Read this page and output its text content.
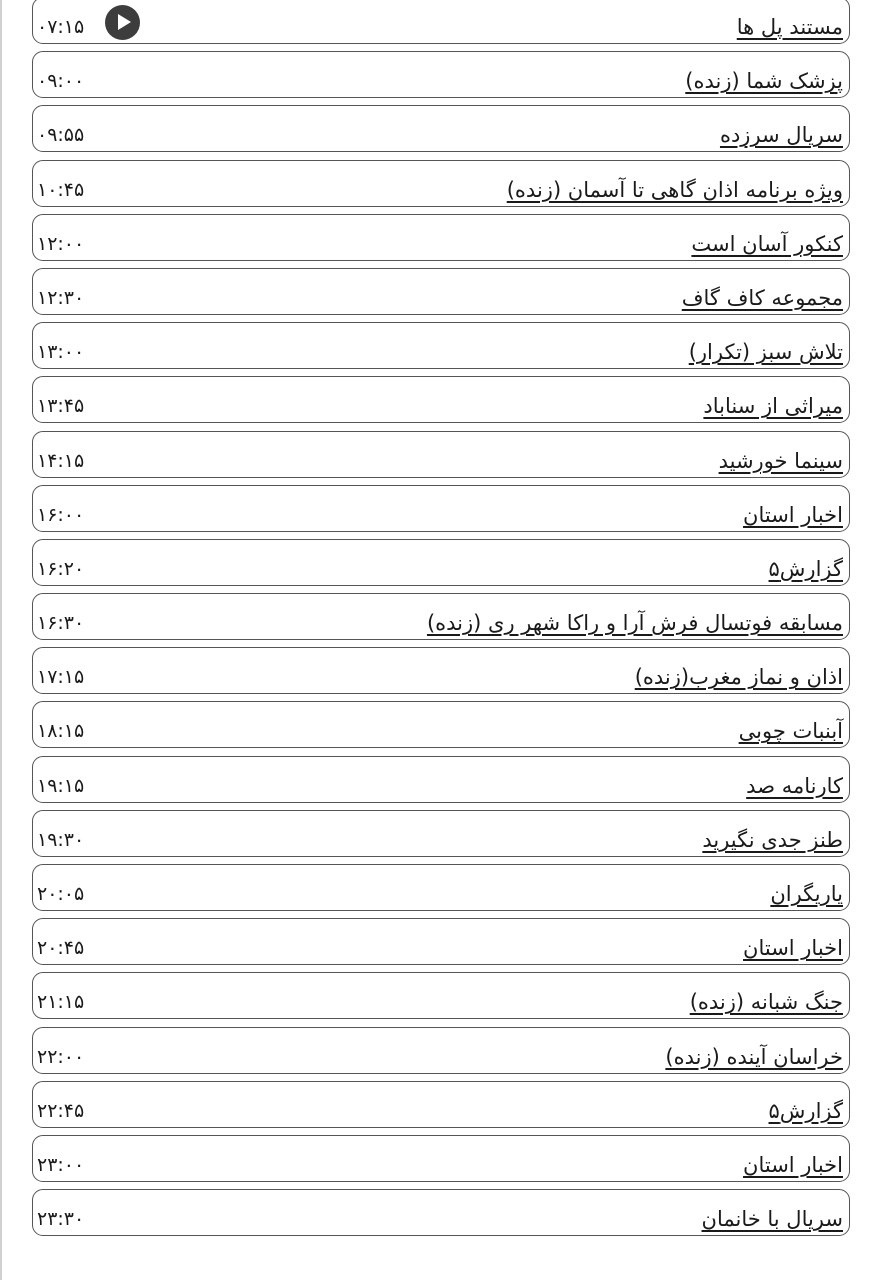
مستند پل ها
۰۷:۱۵
پزشک شما (زنده)
۰۹:۰۰
سریال سرزده
۰۹:۵۵
ویژه برنامه اذان گاهی تا آسمان (زنده)
۱۰:۴۵
کنکور آسان است
۱۲:۰۰
مجموعه کاف گاف
۱۲:۳۰
تلاش سبز (تکرار)
۱۳:۰۰
میراثی از سناباد
۱۳:۴۵
سینما خورشید
۱۴:۱۵
اخبار استان
۱۶:۰۰
گزارش۵
۱۶:۲۰
مسابقه فوتسال فرش آرا و راکا شهر ری (زنده)
۱۶:۳۰
اذان و نماز مغرب(زنده)
۱۷:۱۵
آبنبات چوبی
۱۸:۱۵
کارنامه صد
۱۹:۱۵
طنز جدی نگیرید
۱۹:۳۰
یاریگران
۲۰:۰۵
اخبار استان
۲۰:۴۵
جنگ شبانه (زنده)
۲۱:۱۵
خراسان آینده (زنده)
۲۲:۰۰
گزارش۵
۲۲:۴۵
اخبار استان
۲۳:۰۰
سریال با خانمان
۲۳:۳۰
